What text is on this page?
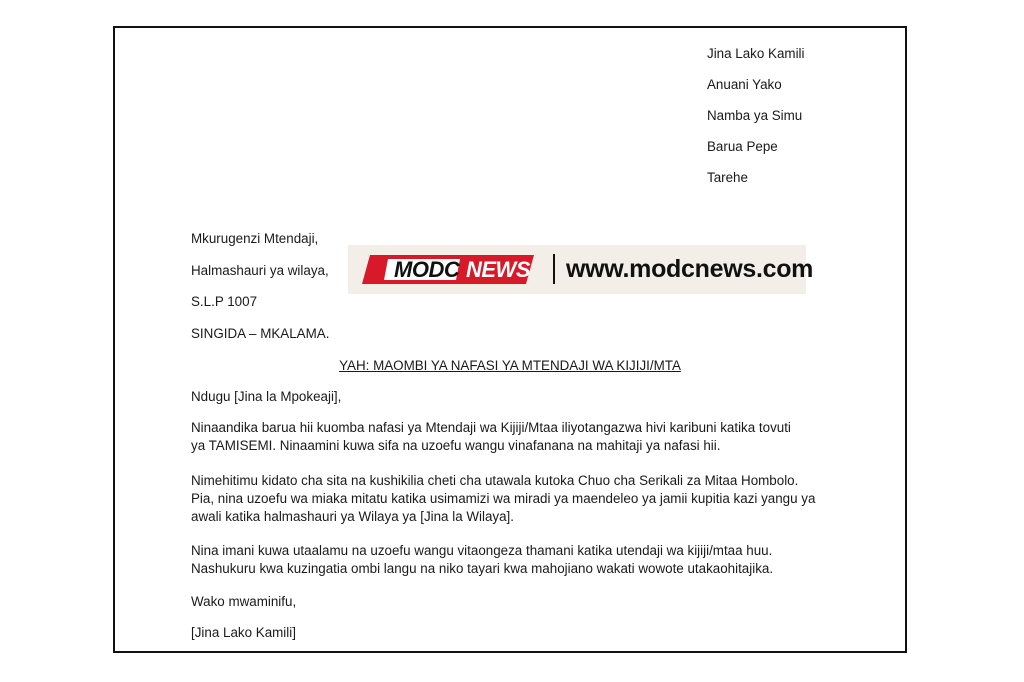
Jina Lako Kamili
Anuani Yako
Namba ya Simu
Barua Pepe
Tarehe
Mkurugenzi Mtendaji,
Halmashauri ya wilaya,
S.L.P 1007
SINGIDA – MKALAMA.
YAH: MAOMBI YA NAFASI YA MTENDAJI WA KIJIJI/MTA
Ndugu [Jina la Mpokeaji],

Ninaandika barua hii kuomba nafasi ya Mtendaji wa Kijiji/Mtaa iliyotangazwa hivi karibuni katika tovuti

ya TAMISEMI. Ninaamini kuwa sifa na uzoefu wangu vinafanana na mahitaji ya nafasi hii.

Nimehitimu kidato cha sita na kushikilia cheti cha utawala kutoka Chuo cha Serikali za Mitaa Hombolo.

Pia, nina uzoefu wa miaka mitatu katika usimamizi wa miradi ya maendeleo ya jamii kupitia kazi yangu ya

awali katika halmashauri ya Wilaya ya [Jina la Wilaya].

Nina imani kuwa utaalamu na uzoefu wangu vitaongeza thamani katika utendaji wa kijiji/mtaa huu.

Nashukuru kwa kuzingatia ombi langu na niko tayari kwa mahojiano wakati wowote utakaohitajika.

Wako mwaminifu,
[Jina Lako Kamili]
MODC NEWS www.modcnews.com
